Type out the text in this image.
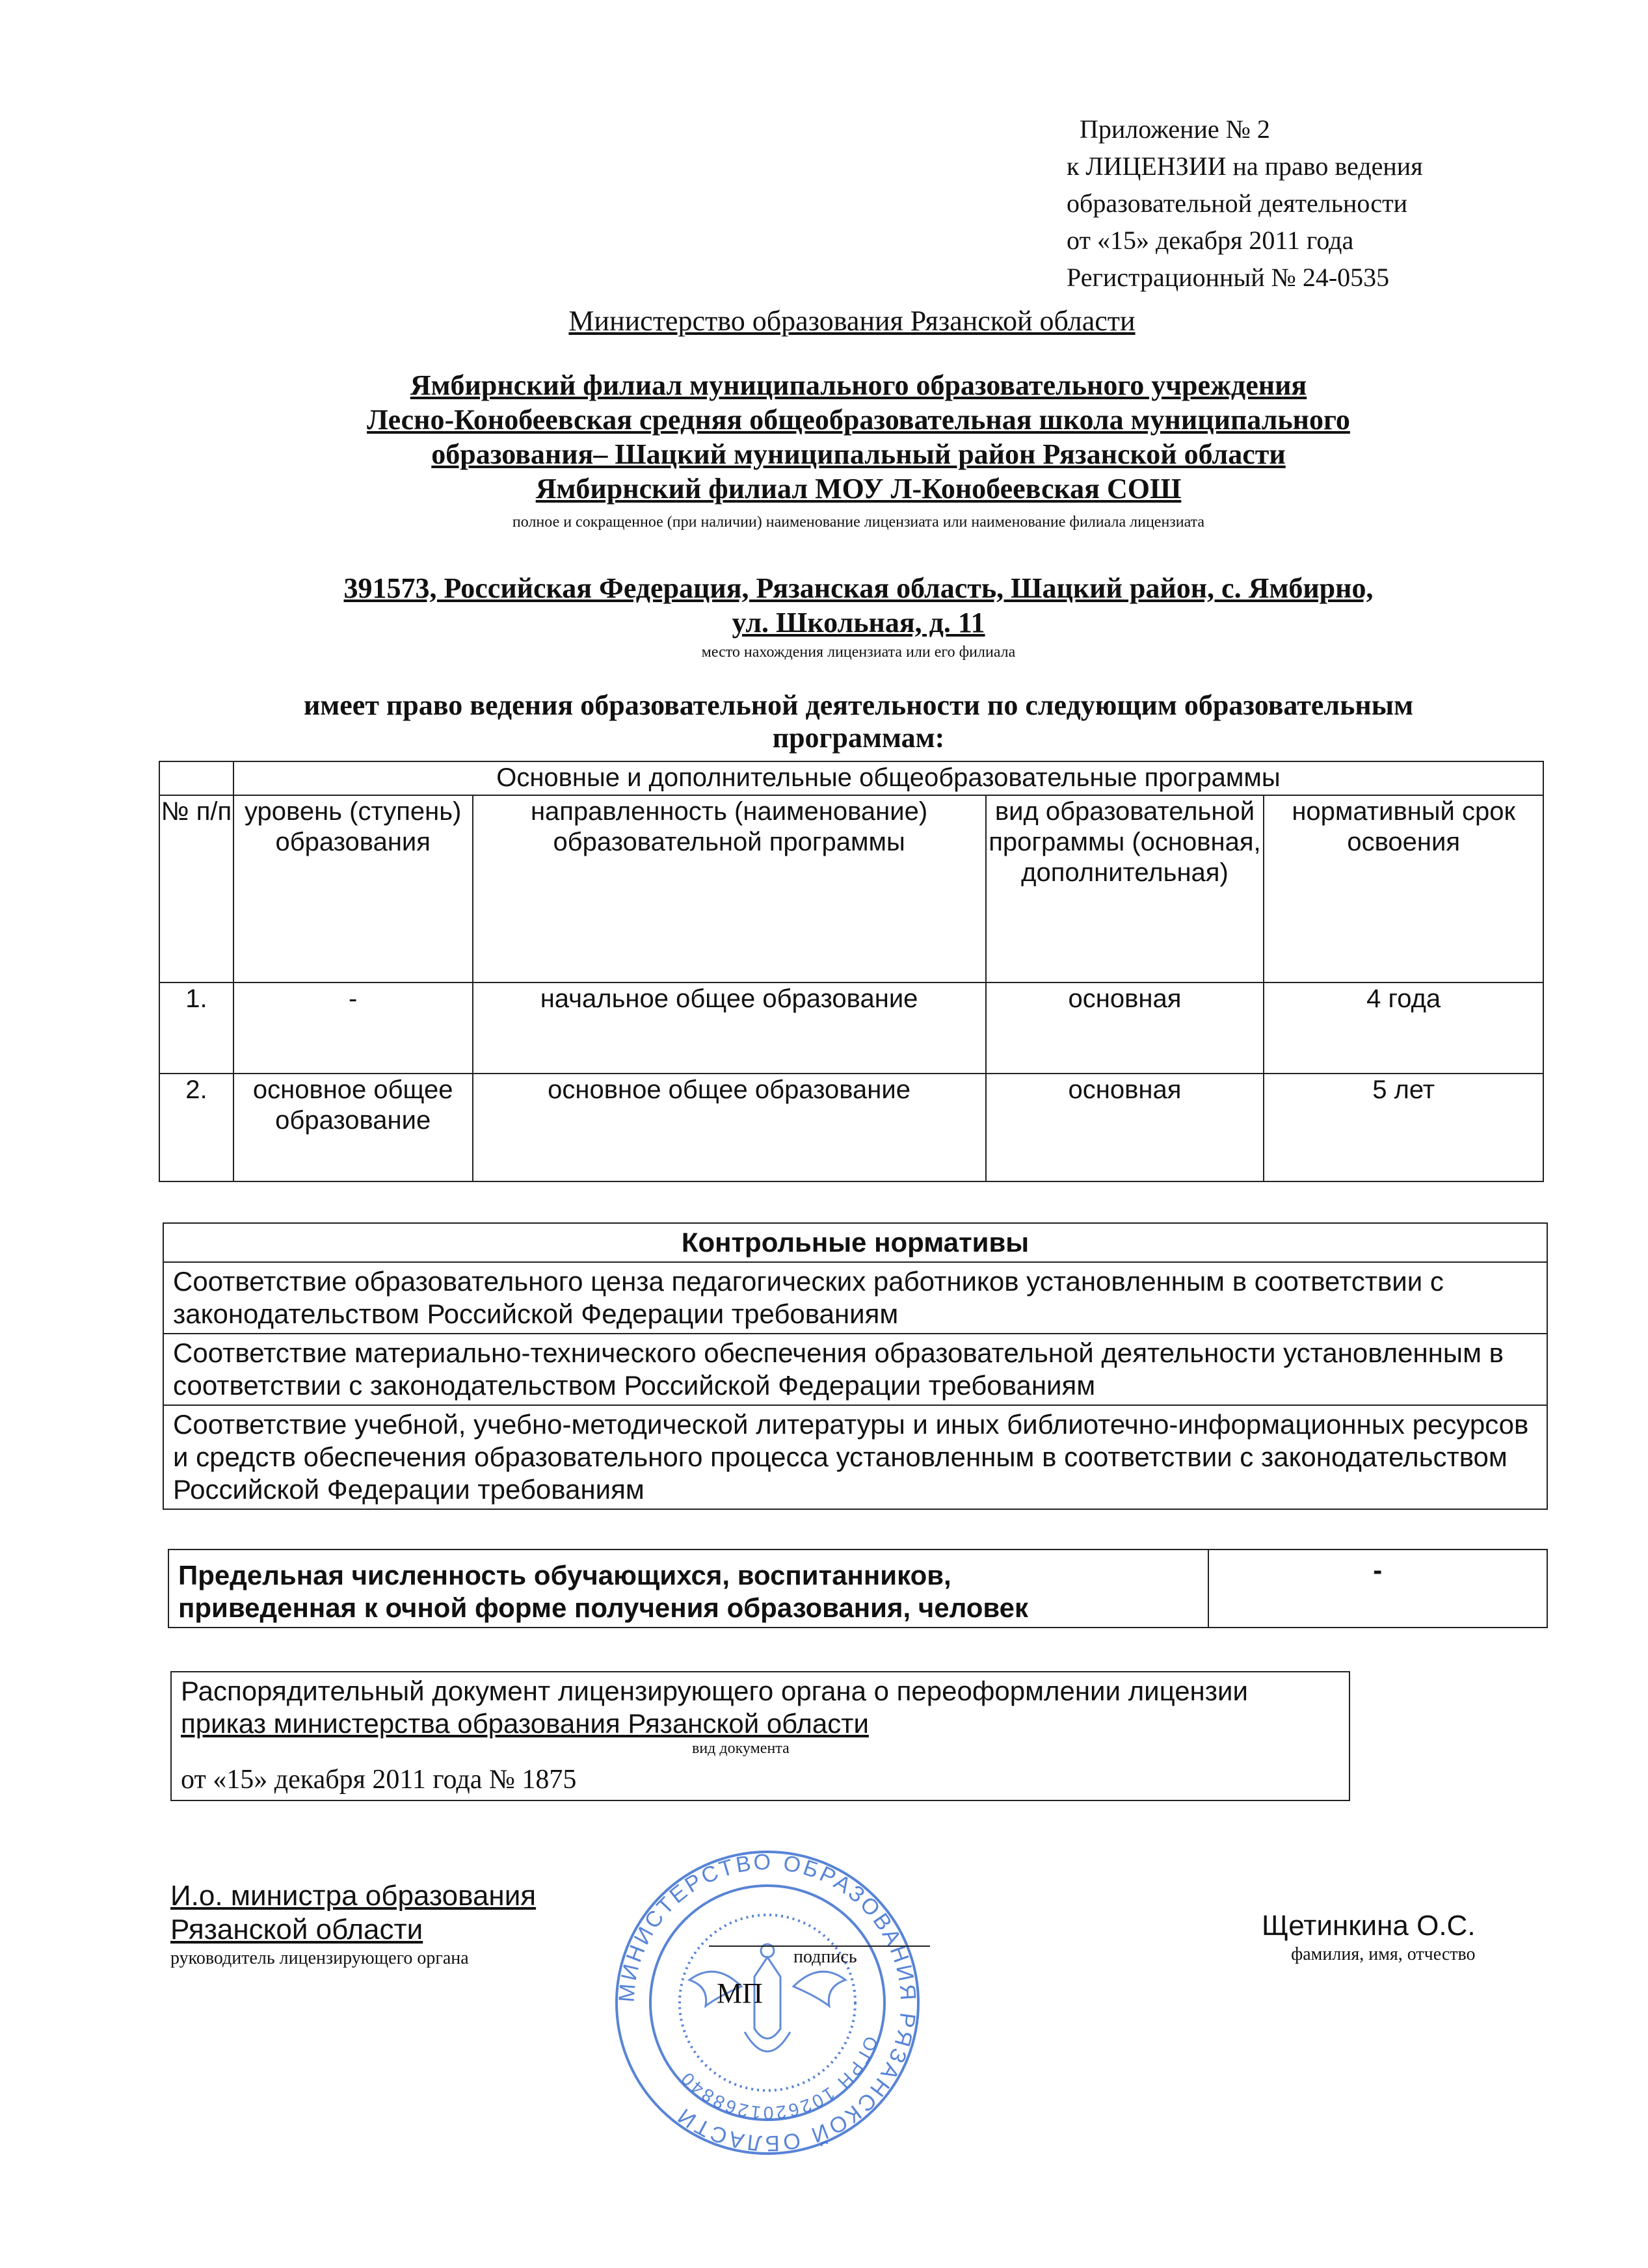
Приложение № 2
к ЛИЦЕНЗИИ на право ведения
образовательной деятельности
от «15» декабря 2011 года
Регистрационный № 24-0535
Министерство образования Рязанской области
Ямбирнский филиал муниципального образовательного учреждения
Лесно-Конобеевская средняя общеобразовательная школа муниципального
образования– Шацкий муниципальный район Рязанской области
Ямбирнский филиал МОУ Л-Конобеевская СОШ
полное и сокращенное (при наличии) наименование лицензиата или наименование филиала лицензиата
391573, Российская Федерация, Рязанская область, Шацкий район, с. Ямбирно,
ул. Школьная, д. 11
место нахождения лицензиата или его филиала
имеет право ведения образовательной деятельности по следующим образовательным
программам:
	Основные и дополнительные общеобразовательные программы			
№ п/п	уровень (ступень) образования	направленность (наименование) образовательной программы	вид образовательной программы (основная, дополнительная)	нормативный срок освоения
1.	-	начальное общее образование	основная	4 года
2.	основное общее образование	основное общее образование	основная	5 лет
Контрольные нормативы
Соответствие образовательного ценза педагогических работников установленным в соответствии с законодательством Российской Федерации требованиям
Соответствие материально-технического обеспечения образовательной деятельности установленным в соответствии с законодательством Российской Федерации требованиям
Соответствие учебной, учебно-методической литературы и иных библиотечно-информационных ресурсов и средств обеспечения образовательного процесса установленным в соответствии с законодательством Российской Федерации требованиям
Предельная численность обучающихся, воспитанников,
приведенная к очной форме получения образования, человек
	-
Распорядительный документ лицензирующего органа о переоформлении лицензии
приказ министерства образования Рязанской области
вид документа
от «15» декабря 2011 года № 1875
И.о. министра образования
Рязанской области
руководитель лицензирующего органа
МИНИСТЕРСТВО ОБРАЗОВАНИЯ РЯЗАНСКОЙ ОБЛАСТИ
ОГРН 1026201268840
подпись
МП
Щетинкина О.С.
фамилия, имя, отчество
